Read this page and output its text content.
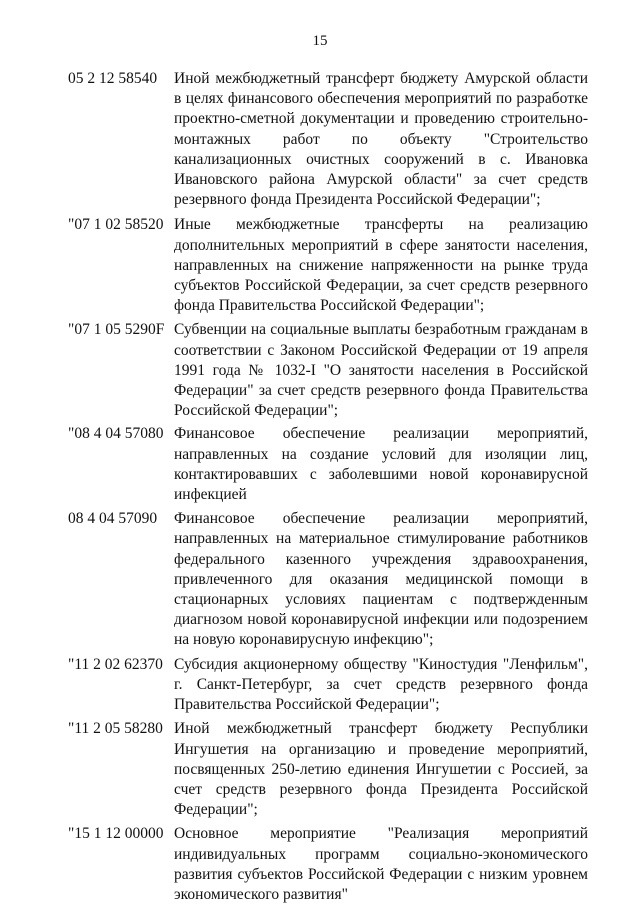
15
05 2 12 58540	Иной межбюджетный трансферт бюджету Амурской области в целях финансового обеспечения мероприятий по разработке проектно-сметной документации и проведению строительно-монтажных работ по объекту "Строительство канализационных очистных сооружений в с. Ивановка Ивановского района Амурской области" за счет средств резервного фонда Президента Российской Федерации";
"07 1 02 58520 Иные межбюджетные трансферты на реализацию дополнительных мероприятий в сфере занятости населения, направленных на снижение напряженности на рынке труда субъектов Российской Федерации, за счет средств резервного фонда Правительства Российской Федерации";
"07 1 05 5290F Субвенции на социальные выплаты безработным гражданам в соответствии с Законом Российской Федерации от 19 апреля 1991 года № 1032-I "О занятости населения в Российской Федерации" за счет средств резервного фонда Правительства Российской Федерации";
"08 4 04 57080 Финансовое обеспечение реализации мероприятий, направленных на создание условий для изоляции лиц, контактировавших с заболевшими новой коронавирусной инфекцией
08 4 04 57090	Финансовое обеспечение реализации мероприятий, направленных на материальное стимулирование работников федерального казенного учреждения здравоохранения, привлеченного для оказания медицинской помощи в стационарных условиях пациентам с подтвержденным диагнозом новой коронавирусной инфекции или подозрением на новую коронавирусную инфекцию";
"11 2 02 62370 Субсидия акционерному обществу "Киностудия "Ленфильм", г. Санкт-Петербург, за счет средств резервного фонда Правительства Российской Федерации";
"11 2 05 58280 Иной межбюджетный трансферт бюджету Республики Ингушетия на организацию и проведение мероприятий, посвященных 250-летию единения Ингушетии с Россией, за счет средств резервного фонда Президента Российской Федерации";
"15 1 12 00000 Основное мероприятие "Реализация мероприятий индивидуальных программ социально-экономического развития субъектов Российской Федерации с низким уровнем экономического развития"
